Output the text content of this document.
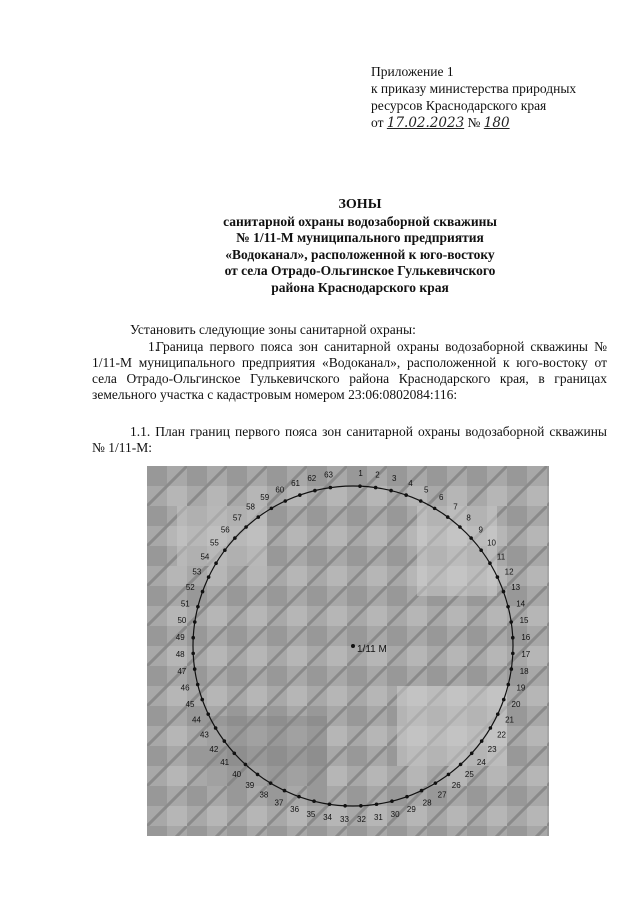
Приложение 1
к приказу министерства природных
ресурсов Краснодарского края
от 17.02.2023 № 180
ЗОНЫ
санитарной охраны водозаборной скважины
№ 1/11-М муниципального предприятия
«Водоканал», расположенной к юго-востоку
от села Отрадо-Ольгинское Гулькевичского
района Краснодарского края
Установить следующие зоны санитарной охраны:
1.Граница первого пояса зон санитарной охраны водозаборной скважины № 1/11-М муниципального предприятия «Водоканал», расположенной к юго-востоку от села Отрадо-Ольгинское Гулькевичского района Краснодарского края, в границах земельного участка с кадастровым номером 23:06:0802084:116:
1.1. План границ первого пояса зон санитарной охраны водозаборной скважины № 1/11-М:
1 2 3
4
5
6
7
8
9
10
11
12
13
14
15
16
17
18
19
20
21
22
23
24
25
26
27
28
29
30
31
32
33
34
35
36
37
38
39
40
41
42
43
44
45
46
47
48
49
50
51
52
53
54
55
56
57
58
59
60
61
62 63
1/11 М
